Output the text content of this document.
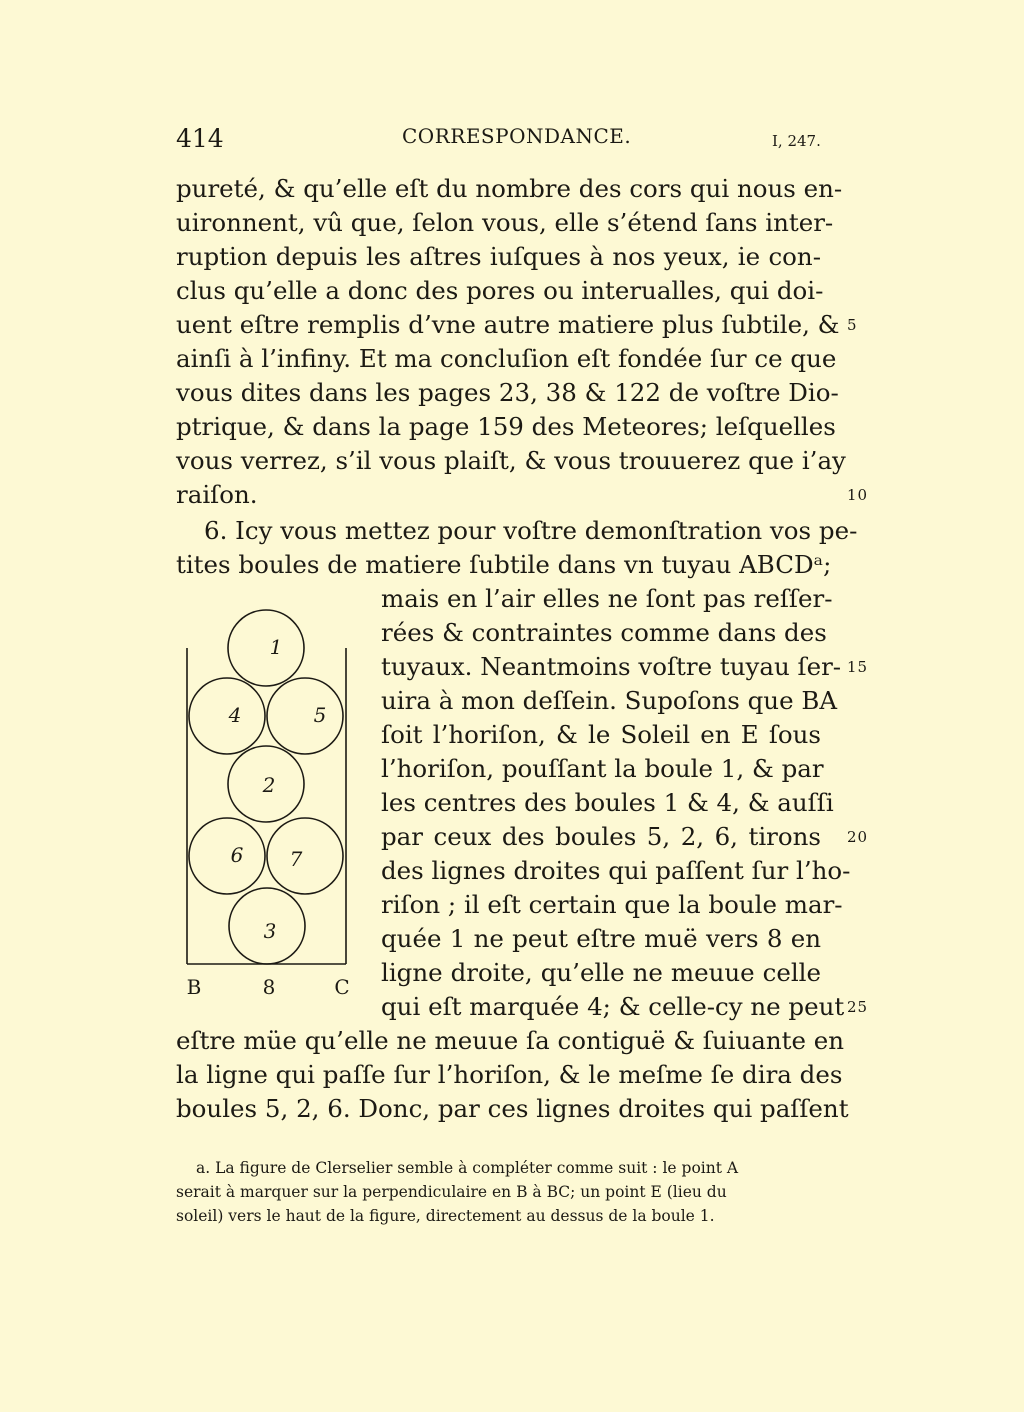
414	CORRESPONDANCE.	I, 247.
pureté, & qu’elle eſt du nombre des cors qui nous en-
uironnent, vû que, ſelon vous, elle s’étend ſans inter-
ruption depuis les aſtres iuſques à nos yeux, ie con-
clus qu’elle a donc des pores ou interualles, qui doi-
uent eſtre remplis d’vne autre matiere plus ſubtile, &
ainſi à l’infiny. Et ma concluſion eſt fondée ſur ce que
vous dites dans les pages 23, 38 & 122 de voſtre Dio-
ptrique, & dans la page 159 des Meteores; leſquelles
vous verrez, s’il vous plaiſt, & vous trouuerez que i’ay
raiſon.
6. Icy vous mettez pour voſtre demonſtration vos pe-
tites boules de matiere ſubtile dans vn tuyau ABCDᵃ;
mais en l’air elles ne ſont pas reſſer-
rées & contraintes comme dans des
tuyaux. Neantmoins voſtre tuyau ſer-
uira à mon deſſein. Supoſons que BA
ſoit l’horiſon, & le Soleil en E ſous
l’horiſon, pouſſant la boule 1, & par
les centres des boules 1 & 4, & auſſi
par ceux des boules 5, 2, 6, tirons
des lignes droites qui paſſent ſur l’ho-
riſon ; il eſt certain que la boule mar-
quée 1 ne peut eſtre muë vers 8 en
ligne droite, qu’elle ne meuue celle
qui eſt marquée 4; & celle-cy ne peut
eſtre müe qu’elle ne meuue ſa contiguë & ſuiuante en
la ligne qui paſſe ſur l’horiſon, & le meſme ſe dira des
boules 5, 2, 6. Donc, par ces lignes droites qui paſſent
5
10
15
20
25
1
4	5
2
6 7
3
B	8	C
a. La figure de Clerselier semble à compléter comme suit : le point A
serait à marquer sur la perpendiculaire en B à BC; un point E (lieu du
soleil) vers le haut de la figure, directement au dessus de la boule 1.
